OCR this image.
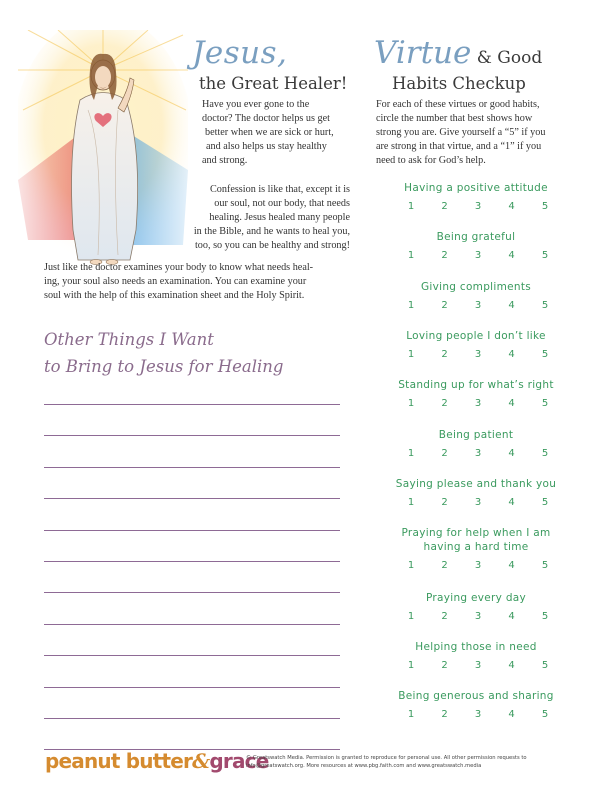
Jesus,
the Great Healer!
Have you ever gone to the
doctor? The doctor helps us get
better when we are sick or hurt,
and also helps us stay healthy
and strong.
Confession is like that, except it is
our soul, not our body, that needs
healing. Jesus healed many people
in the Bible, and he wants to heal you,
too, so you can be healthy and strong!
Just like the doctor examines your body to know what needs heal-
ing, your soul also needs an examination. You can examine your
soul with the help of this examination sheet and the Holy Spirit.
Other Things I Want
to Bring to Jesus for Healing
Virtue & Good
Habits Checkup
For each of these virtues or good habits,
circle the number that best shows how
strong you are. Give yourself a “5” if you
are strong in that virtue, and a “1” if you
need to ask for God’s help.
Having a positive attitude
1	2	3	4	5
Being grateful
1	2	3	4	5
Giving compliments
1	2	3	4	5
Loving people I don’t like
1	2	3	4	5
Standing up for what’s right
1	2	3	4	5
Being patient
1	2	3	4	5
Saying please and thank you
1	2	3	4	5
Praying for help when I am having a hard time
1	2	3	4	5
Praying every day
1	2	3	4	5
Helping those in need
1	2	3	4	5
Being generous and sharing
1	2	3	4	5
peanut butter&grace
© Greatswatch Media. Permission is granted to reproduce for personal use. All other permission requests to
info@greatswatch.org. More resources at www.pbg.faith.com and www.greatswatch.media
